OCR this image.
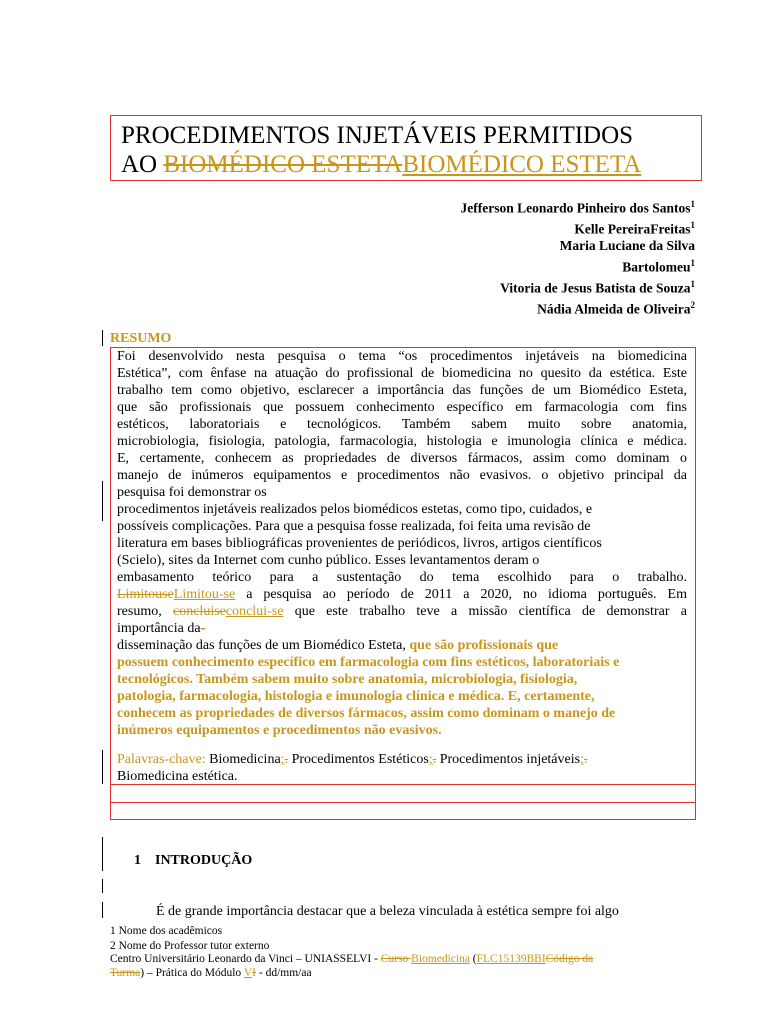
PROCEDIMENTOS INJETÁVEIS PERMITIDOS
AO BIOMÉDICO ESTETABIOMÉDICO ESTETA
Jefferson Leonardo Pinheiro dos Santos$^1$
Kelle PereiraFreitas$^1$
Maria Luciane da Silva
Bartolomeu$^1$
Vitoria de Jesus Batista de Souza$^1$
Nádia Almeida de Oliveira$^2$
RESUMO

Foi desenvolvido nesta pesquisa o tema “os procedimentos injetáveis na biomedicina

Estética”, com ênfase na atuação do profissional de biomedicina no quesito da estética. Este

trabalho tem como objetivo, esclarecer a importância das funções de um Biomédico Esteta,

que são profissionais que possuem conhecimento específico em farmacologia com fins

estéticos, laboratoriais e tecnológicos. Também sabem muito sobre anatomia,

microbiologia, fisiologia, patologia, farmacologia, histologia e imunologia clínica e médica.

E, certamente, conhecem as propriedades de diversos fármacos, assim como dominam o

manejo de inúmeros equipamentos e procedimentos não evasivos. o objetivo principal da

pesquisa foi demonstrar os

procedimentos injetáveis realizados pelos biomédicos estetas, como tipo, cuidados, e

possíveis complicações. Para que a pesquisa fosse realizada, foi feita uma revisão de

literatura em bases bibliográficas provenientes de periódicos, livros, artigos científicos

(Scielo), sites da Internet com cunho público. Esses levantamentos deram o

embasamento teórico para a sustentação do tema escolhido para o trabalho.

LimitouseLimitou-se a pesquisa ao período de 2011 a 2020, no idioma português. Em

resumo, concluiseconclui-se que este trabalho teve a missão científica de demonstrar a

importância da-

disseminação das funções de um Biomédico Esteta, que são profissionais que

possuem conhecimento específico em farmacologia com fins estéticos, laboratoriais e

tecnológicos. Também sabem muito sobre anatomia, microbiologia, fisiologia,

patologia, farmacologia, histologia e imunologia clínica e médica. E, certamente,

conhecem as propriedades de diversos fármacos, assim como dominam o manejo de

inúmeros equipamentos e procedimentos não evasivos.

Palavras-chave: Biomedicina;. Procedimentos Estéticos;. Procedimentos injetáveis;.
Biomedicina estética.
1 INTRODUÇÃO
É de grande importância destacar que a beleza vinculada à estética sempre foi algo
1 Nome dos acadêmicos
2 Nome do Professor tutor externo
Centro Universitário Leonardo da Vinci – UNIASSELVI - Curso Biomedicina (FLC15139BBICódigo da
Turma) – Prática do Módulo VI - dd/mm/aa
